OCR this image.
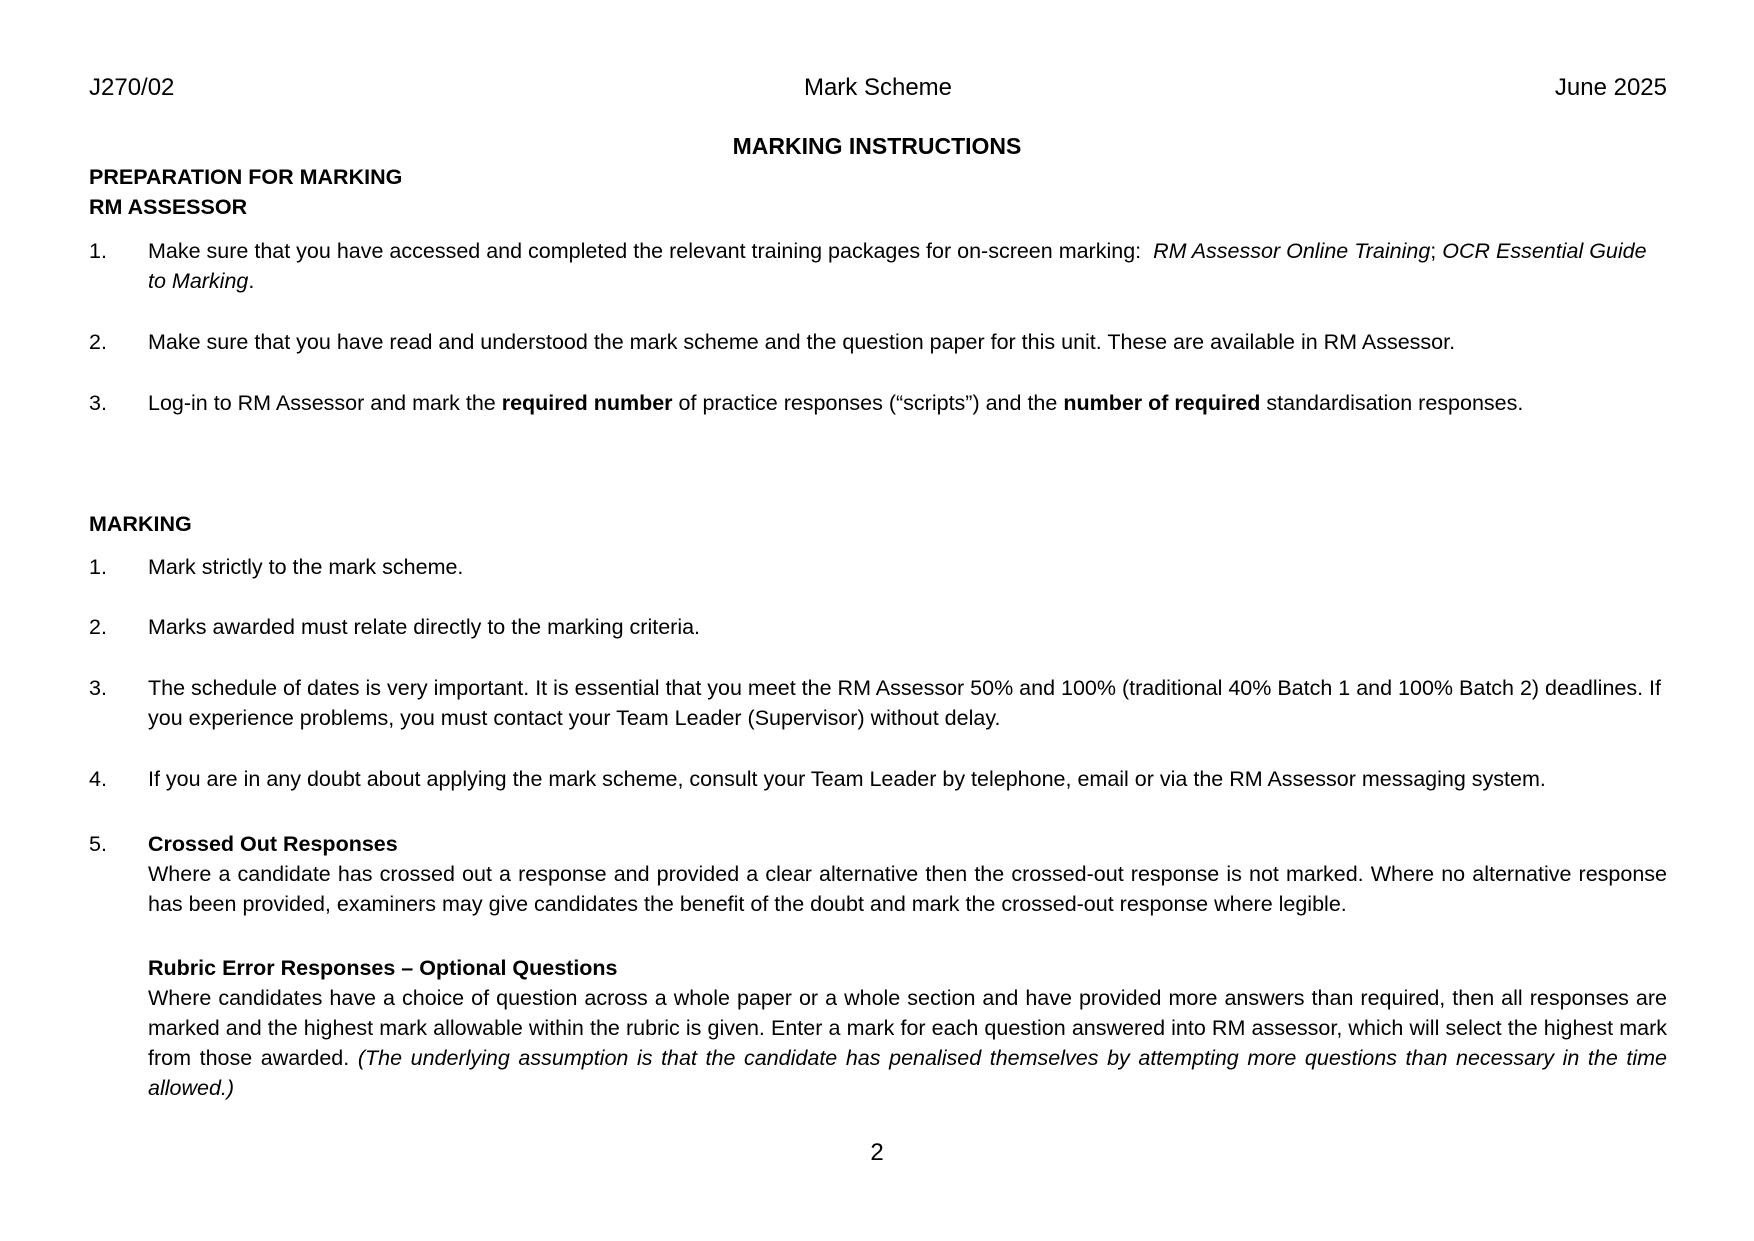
J270/02	Mark Scheme	June 2025
MARKING INSTRUCTIONS
PREPARATION FOR MARKING
RM ASSESSOR
1.	Make sure that you have accessed and completed the relevant training packages for on-screen marking:  RM Assessor Online Training; OCR Essential Guide to Marking.
2.	Make sure that you have read and understood the mark scheme and the question paper for this unit. These are available in RM Assessor.
3.	Log-in to RM Assessor and mark the required number of practice responses (“scripts”) and the number of required standardisation responses.
MARKING
1.	Mark strictly to the mark scheme.
2.	Marks awarded must relate directly to the marking criteria.
3.	The schedule of dates is very important. It is essential that you meet the RM Assessor 50% and 100% (traditional 40% Batch 1 and 100% Batch 2) deadlines. If you experience problems, you must contact your Team Leader (Supervisor) without delay.
4.	If you are in any doubt about applying the mark scheme, consult your Team Leader by telephone, email or via the RM Assessor messaging system.
5.	Crossed Out Responses
Where a candidate has crossed out a response and provided a clear alternative then the crossed-out response is not marked. Where no alternative response has been provided, examiners may give candidates the benefit of the doubt and mark the crossed-out response where legible.
Rubric Error Responses – Optional Questions
Where candidates have a choice of question across a whole paper or a whole section and have provided more answers than required, then all responses are marked and the highest mark allowable within the rubric is given. Enter a mark for each question answered into RM assessor, which will select the highest mark from those awarded. (The underlying assumption is that the candidate has penalised themselves by attempting more questions than necessary in the time allowed.)
2
